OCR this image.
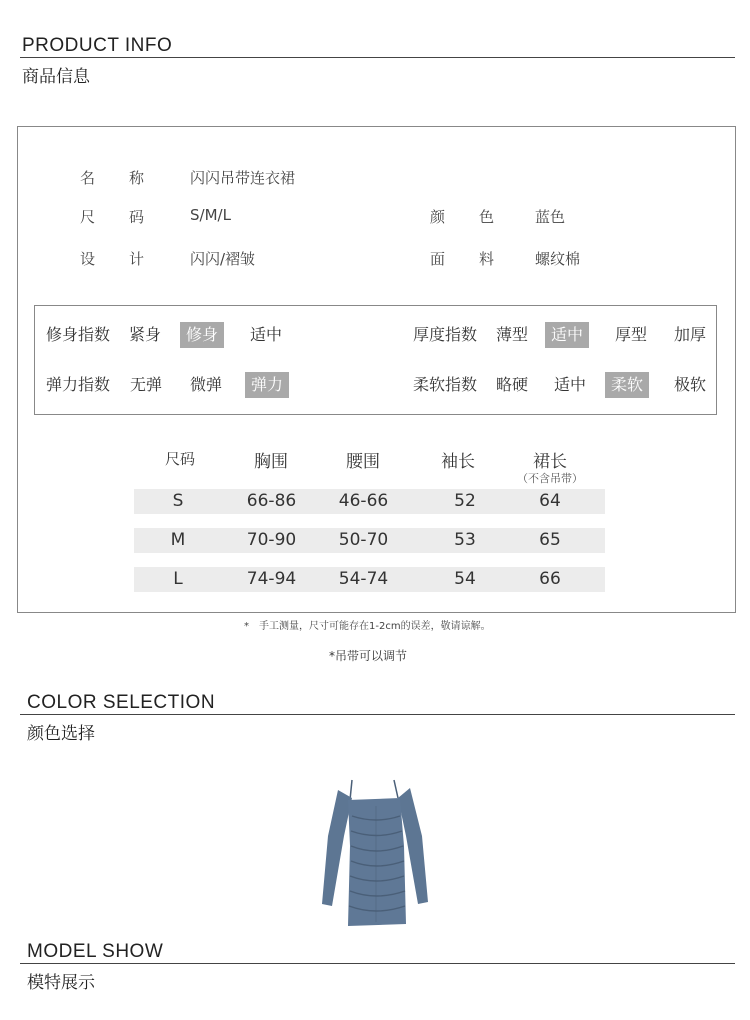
PRODUCT INFO
商品信息
名 称	闪闪吊带连衣裙
尺 码	S/M/L	颜 色	蓝色
设 计	闪闪/褶皱	面 料	螺纹棉
修身指数 紧身	修身	适中	厚度指数 薄型	适中	厚型 加厚
弹力指数 无弹 微弹	弹力	柔软指数 略硬 适中	柔软	极软
尺码	胸围	腰围	袖长	裙长
（不含吊带）
S	66-86	46-66	52	64
M	70-90	50-70	53	65
L	74-94	54-74	54	66
*　手工测量，尺寸可能存在1-2cm的误差，敬请谅解。
*吊带可以调节
COLOR SELECTION
颜色选择
MODEL SHOW
模特展示
